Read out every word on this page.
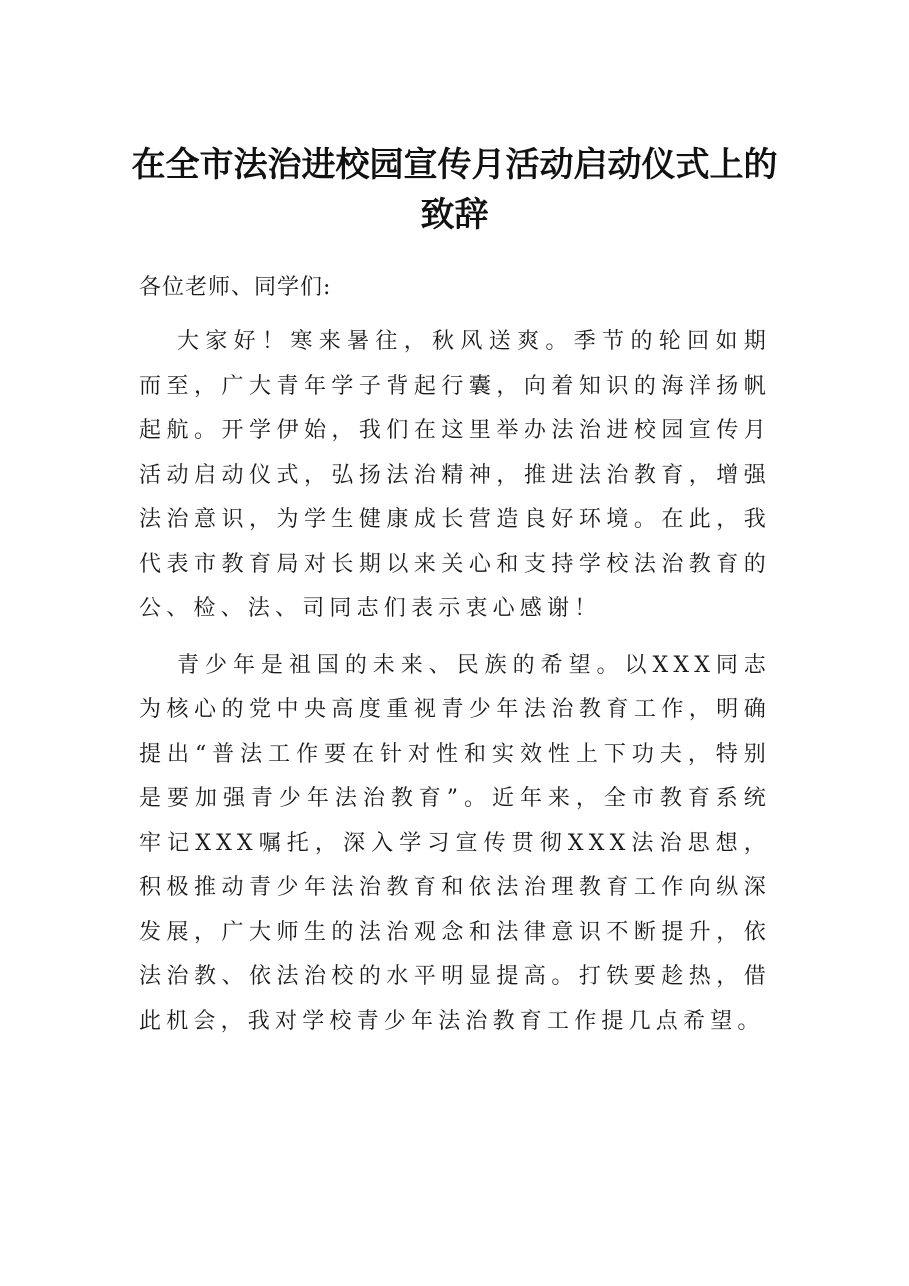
在全市法治进校园宣传月活动启动仪式上的致辞

各位老师、同学们:

大家好！寒来暑往，秋风送爽。季节的轮回如期而至，广大青年学子背起行囊，向着知识的海洋扬帆起航。开学伊始，我们在这里举办法治进校园宣传月活动启动仪式，弘扬法治精神，推进法治教育，增强法治意识，为学生健康成长营造良好环境。在此，我代表市教育局对长期以来关心和支持学校法治教育的公、检、法、司同志们表示衷心感谢！

青少年是祖国的未来、民族的希望。以XXX同志为核心的党中央高度重视青少年法治教育工作，明确提出“普法工作要在针对性和实效性上下功夫，特别是要加强青少年法治教育”。近年来，全市教育系统牢记XXX嘱托，深入学习宣传贯彻XXX法治思想，积极推动青少年法治教育和依法治理教育工作向纵深发展，广大师生的法治观念和法律意识不断提升，依法治教、依法治校的水平明显提高。打铁要趁热，借此机会，我对学校青少年法治教育工作提几点希望。
